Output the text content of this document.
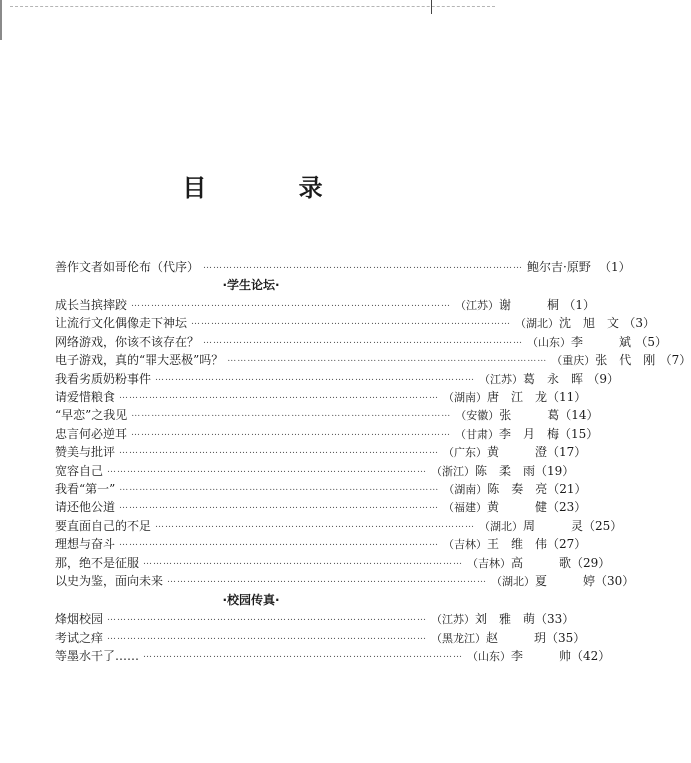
目 录
善作文者如哥伦布（代序） …………………………………………………………………………………… 鲍尔吉·原野 （1）
·学生论坛·
成长当摈摔跤 …………………………………………………………………………………… （江苏）谢 桐 （1）
让流行文化偶像走下神坛 …………………………………………………………………………………… （湖北）沈旭文 （3）
网络游戏，你该不该存在？ …………………………………………………………………………………… （山东）李 斌 （5）
电子游戏，真的“罪大恶极”吗？ …………………………………………………………………………………… （重庆）张代刚 （7）
我看劣质奶粉事件 …………………………………………………………………………………… （江苏）葛永晖 （9）
请爱惜粮食 …………………………………………………………………………………… （湖南）唐江龙（11）
“早恋”之我见 …………………………………………………………………………………… （安徽）张 葛（14）
忠言何必逆耳 …………………………………………………………………………………… （甘肃）李月梅（15）
赞美与批评 …………………………………………………………………………………… （广东）黄 澄（17）
宽容自己 …………………………………………………………………………………… （浙江）陈柔雨（19）
我看“第一” …………………………………………………………………………………… （湖南）陈奏亮（21）
请还他公道 …………………………………………………………………………………… （福建）黄 健（23）
要直面自己的不足 …………………………………………………………………………………… （湖北）周 灵（25）
理想与奋斗 …………………………………………………………………………………… （吉林）王维伟（27）
那，绝不是征服 …………………………………………………………………………………… （吉林）高 歌（29）
以史为鉴，面向未来 …………………………………………………………………………………… （湖北）夏 婷（30）
·校园传真·
烽烟校园 …………………………………………………………………………………… （江苏）刘雅萌（33）
考试之痒 …………………………………………………………………………………… （黑龙江）赵 玥（35）
等墨水干了…… …………………………………………………………………………………… （山东）李 帅（42）
